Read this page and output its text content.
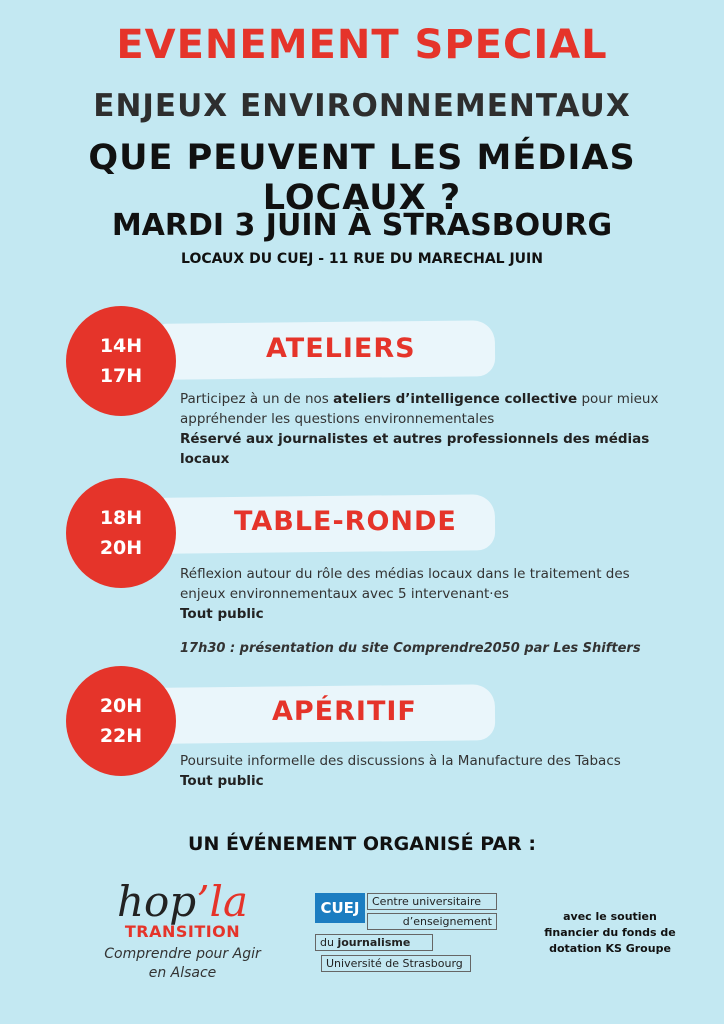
EVENEMENT SPECIAL
ENJEUX ENVIRONNEMENTAUX
QUE PEUVENT LES MÉDIAS LOCAUX ?
MARDI 3 JUIN À STRASBOURG
LOCAUX DU CUEJ - 11 RUE DU MARECHAL JUIN
14H
17H
ATELIERS
Participez à un de nos ateliers d’intelligence collective pour mieux appréhender les questions environnementales
Réservé aux journalistes et autres professionnels des médias locaux
18H
20H
TABLE-RONDE
Réflexion autour du rôle des médias locaux dans le traitement des enjeux environnementaux avec 5 intervenant·es
Tout public
17h30 : présentation du site Comprendre2050 par Les Shifters
20H
22H
APÉRITIF
Poursuite informelle des discussions à la Manufacture des Tabacs
Tout public
UN ÉVÉNEMENT ORGANISÉ PAR :
hop’la
TRANSITION
Comprendre pour Agir
en Alsace
CUEJ	Centre universitaire
d’enseignement
du journalisme
Université de Strasbourg
avec le soutien
financier du fonds de
dotation KS Groupe
